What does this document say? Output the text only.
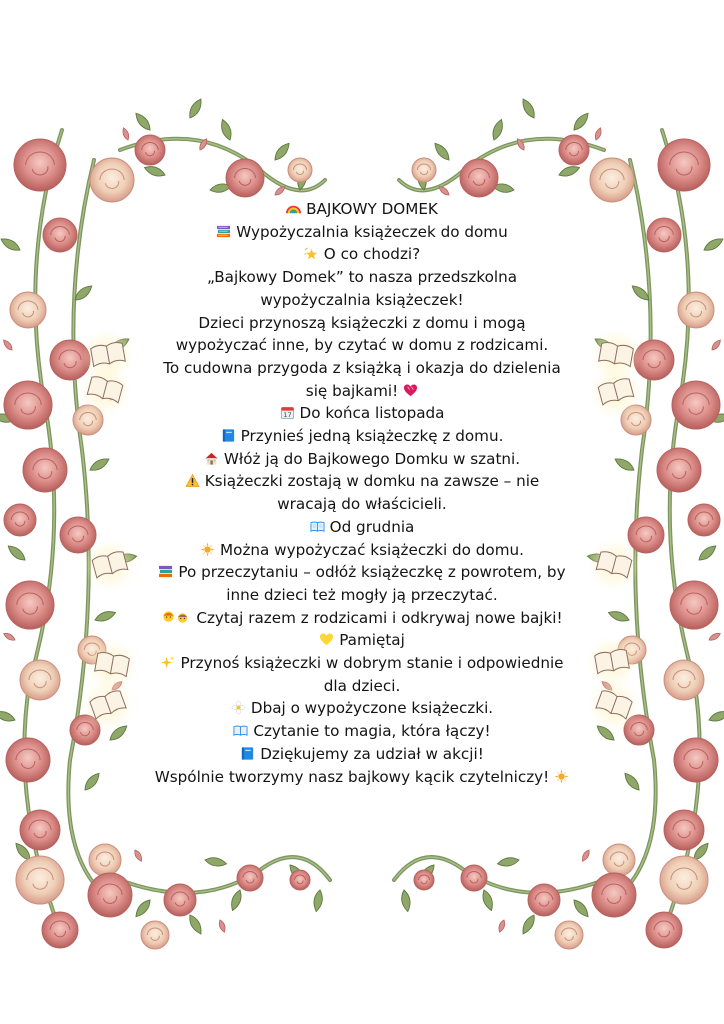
BAJKOWY DOMEK
Wypożyczalnia książeczek do domu
O co chodzi?
„Bajkowy Domek” to nasza przedszkolna
wypożyczalnia książeczek!
Dzieci przynoszą książeczki z domu i mogą
wypożyczać inne, by czytać w domu z rodzicami.
To cudowna przygoda z książką i okazja do dzielenia
się bajkami!
17 Do końca listopada
Przynieś jedną książeczkę z domu.
Włóż ją do Bajkowego Domku w szatni.
Książeczki zostają w domku na zawsze – nie
wracają do właścicieli.
Od grudnia
Można wypożyczać książeczki do domu.
Po przeczytaniu – odłóż książeczkę z powrotem, by
inne dzieci też mogły ją przeczytać.
Czytaj razem z rodzicami i odkrywaj nowe bajki!
Pamiętaj
Przynoś książeczki w dobrym stanie i odpowiednie
dla dzieci.
Dbaj o wypożyczone książeczki.
Czytanie to magia, która łączy!
Dziękujemy za udział w akcji!
Wspólnie tworzymy nasz bajkowy kącik czytelniczy!
